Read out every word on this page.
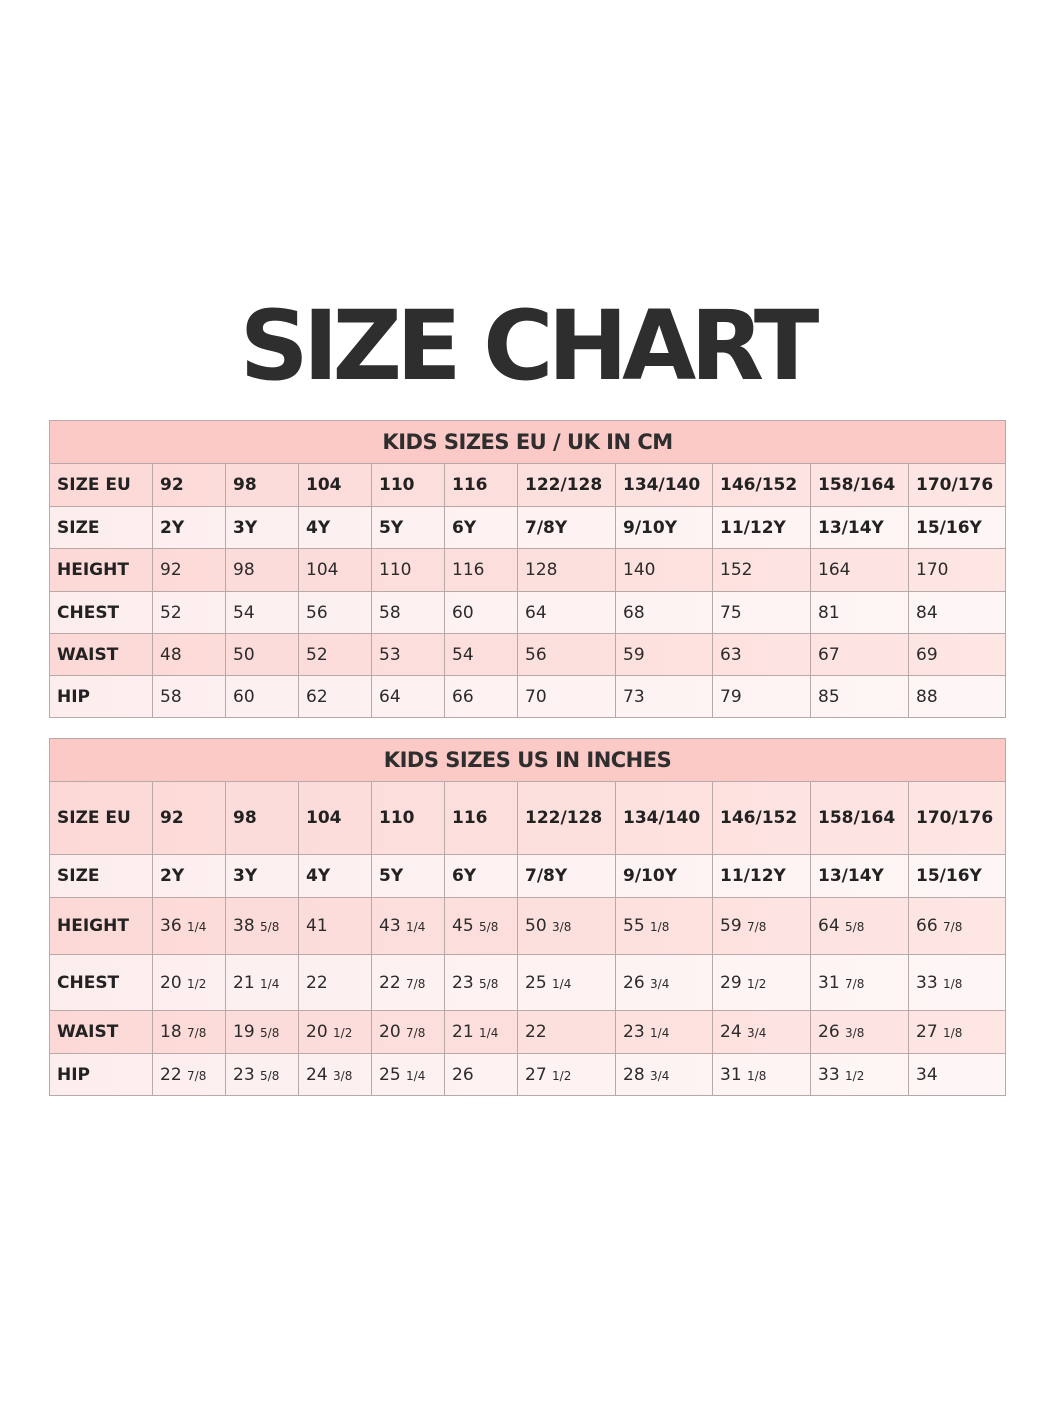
SIZE CHART
KIDS SIZES EU / UK IN CM										
SIZE EU	92	98	104	110	116	122/128	134/140	146/152	158/164	170/176
SIZE	2Y	3Y	4Y	5Y	6Y	7/8Y	9/10Y	11/12Y	13/14Y	15/16Y
HEIGHT	92	98	104	110	116	128	140	152	164	170
CHEST	52	54	56	58	60	64	68	75	81	84
WAIST	48	50	52	53	54	56	59	63	67	69
HIP	58	60	62	64	66	70	73	79	85	88
KIDS SIZES US IN INCHES										
SIZE EU	92	98	104	110	116	122/128	134/140	146/152	158/164	170/176
SIZE	2Y	3Y	4Y	5Y	6Y	7/8Y	9/10Y	11/12Y	13/14Y	15/16Y
HEIGHT	36 1/4	38 5/8	41	43 1/4	45 5/8	50 3/8	55 1/8	59 7/8	64 5/8	66 7/8
CHEST	20 1/2	21 1/4	22	22 7/8	23 5/8	25 1/4	26 3/4	29 1/2	31 7/8	33 1/8
WAIST	18 7/8	19 5/8	20 1/2	20 7/8	21 1/4	22	23 1/4	24 3/4	26 3/8	27 1/8
HIP	22 7/8	23 5/8	24 3/8	25 1/4	26	27 1/2	28 3/4	31 1/8	33 1/2	34
